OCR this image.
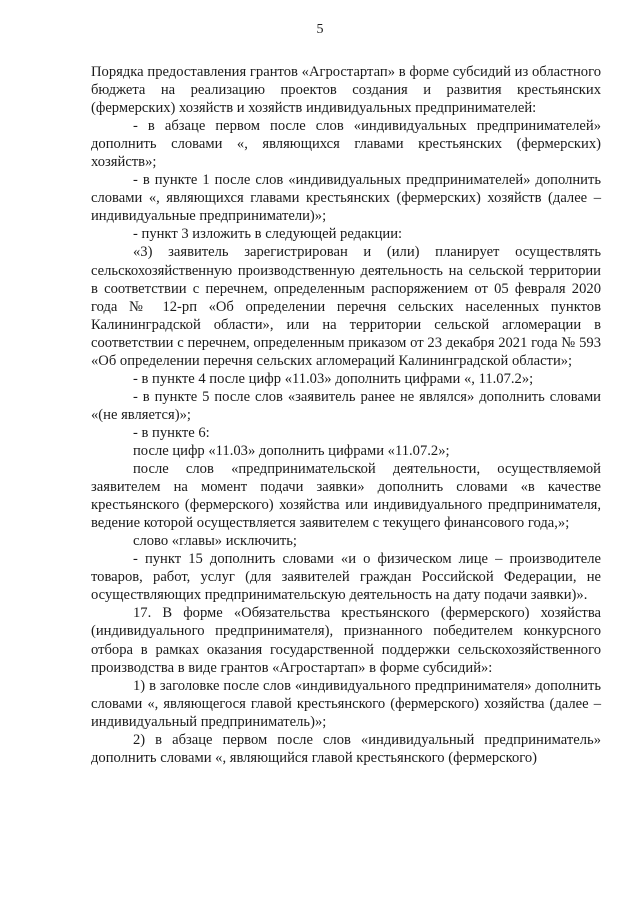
5

Порядка предоставления грантов «Агростартап» в форме субсидий из областного бюджета на реализацию проектов создания и развития крестьянских (фермерских) хозяйств и хозяйств индивидуальных предпринимателей:

- в абзаце первом после слов «индивидуальных предпринимателей» дополнить словами «, являющихся главами крестьянских (фермерских) хозяйств»;

- в пункте 1 после слов «индивидуальных предпринимателей» дополнить словами «, являющихся главами крестьянских (фермерских) хозяйств (далее – индивидуальные предприниматели)»;

- пункт 3 изложить в следующей редакции:

«3) заявитель зарегистрирован и (или) планирует осуществлять сельскохозяйственную производственную деятельность на сельской территории в соответствии с перечнем, определенным распоряжением от 05 февраля 2020 года № 12-рп «Об определении перечня сельских населенных пунктов Калининградской области», или на территории сельской агломерации в соответствии с перечнем, определенным приказом от 23 декабря 2021 года № 593 «Об определении перечня сельских агломераций Калининградской области»;

- в пункте 4 после цифр «11.03» дополнить цифрами «, 11.07.2»;

- в пункте 5 после слов «заявитель ранее не являлся» дополнить словами «(не является)»;

- в пункте 6:

после цифр «11.03» дополнить цифрами «11.07.2»;

после слов «предпринимательской деятельности, осуществляемой заявителем на момент подачи заявки» дополнить словами «в качестве крестьянского (фермерского) хозяйства или индивидуального предпринимателя, ведение которой осуществляется заявителем с текущего финансового года,»;

слово «главы» исключить;

- пункт 15 дополнить словами «и о физическом лице – производителе товаров, работ, услуг (для заявителей граждан Российской Федерации, не осуществляющих предпринимательскую деятельность на дату подачи заявки)».

17. В форме «Обязательства крестьянского (фермерского) хозяйства (индивидуального предпринимателя), признанного победителем конкурсного отбора в рамках оказания государственной поддержки сельскохозяйственного производства в виде грантов «Агростартап» в форме субсидий»:

1) в заголовке после слов «индивидуального предпринимателя» дополнить словами «, являющегося главой крестьянского (фермерского) хозяйства (далее – индивидуальный предприниматель)»;

2) в абзаце первом после слов «индивидуальный предприниматель» дополнить словами «, являющийся главой крестьянского (фермерского)
